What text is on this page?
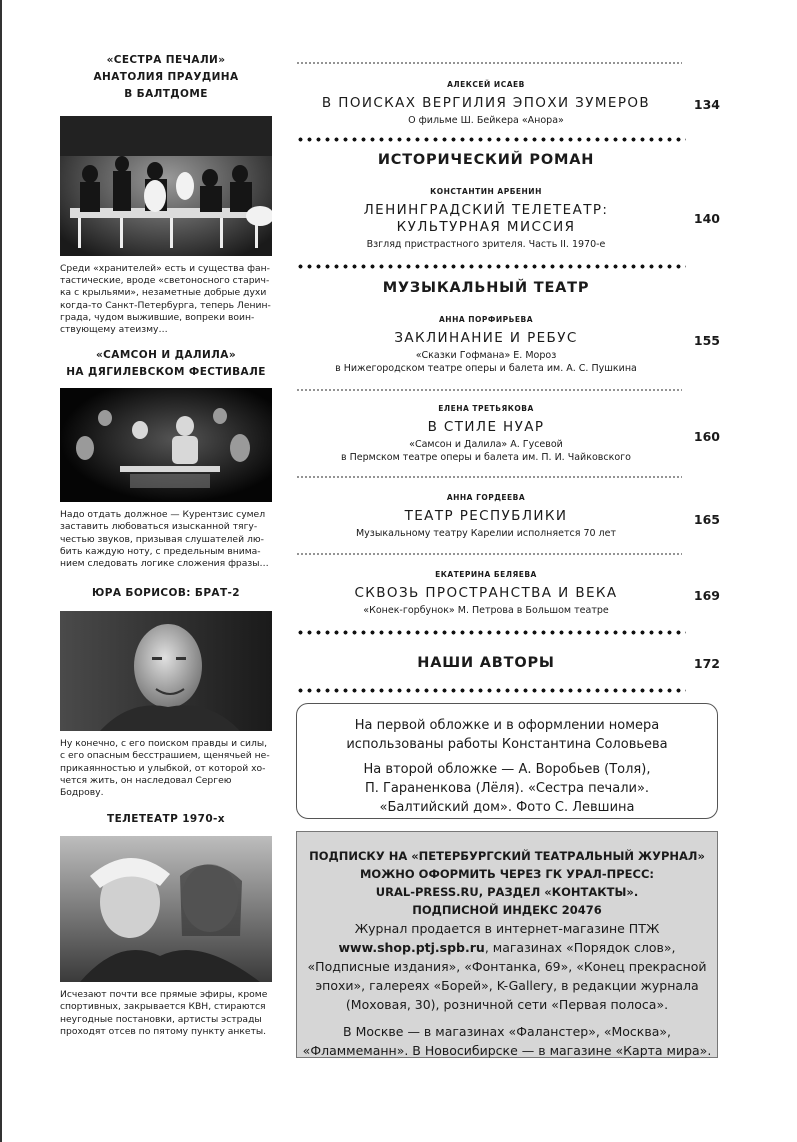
«СЕСТРА ПЕЧАЛИ»
АНАТОЛИЯ ПРАУДИНА
В БАЛТДОМЕ
Среди «хранителей» есть и существа фан-
тастические, вроде «светоносного старич-
ка с крыльями», незаметные добрые духи
когда-то Санкт-Петербурга, теперь Ленин-
града, чудом выжившие, вопреки воин-
ствующему атеизму…
«САМСОН И ДАЛИЛА»
НА ДЯГИЛЕВСКОМ ФЕСТИВАЛЕ
Надо отдать должное — Курентзис сумел
заставить любоваться изысканной тягу-
честью звуков, призывая слушателей лю-
бить каждую ноту, с предельным внима-
нием следовать логике сложения фразы…
ЮРА БОРИСОВ: БРАТ-2
Ну конечно, с его поиском правды и силы,
с его опасным бесстрашием, щенячьей не-
прикаянностью и улыбкой, от которой хо-
чется жить, он наследовал Сергею Бодрову.
ТЕЛЕТЕАТР 1970-х
Исчезают почти все прямые эфиры, кроме
спортивных, закрывается КВН, стираются
неугодные постановки, артисты эстрады
проходят отсев по пятому пункту анкеты.
АЛЕКСЕЙ ИСАЕВ
В ПОИСКАХ ВЕРГИЛИЯ ЭПОХИ ЗУМЕРОВ
О фильме Ш. Бейкера «Анора»
134
ИСТОРИЧЕСКИЙ РОМАН
КОНСТАНТИН АРБЕНИН
ЛЕНИНГРАДСКИЙ ТЕЛЕТЕАТР:
КУЛЬТУРНАЯ МИССИЯ
Взгляд пристрастного зрителя. Часть II. 1970-е
140
МУЗЫКАЛЬНЫЙ ТЕАТР
АННА ПОРФИРЬЕВА
ЗАКЛИНАНИЕ И РЕБУС
«Сказки Гофмана» Е. Мороз
в Нижегородском театре оперы и балета им. А. С. Пушкина
155
ЕЛЕНА ТРЕТЬЯКОВА
В СТИЛЕ НУАР
«Самсон и Далила» А. Гусевой
в Пермском театре оперы и балета им. П. И. Чайковского
160
АННА ГОРДЕЕВА
ТЕАТР РЕСПУБЛИКИ
Музыкальному театру Карелии исполняется 70 лет
165
ЕКАТЕРИНА БЕЛЯЕВА
СКВОЗЬ ПРОСТРАНСТВА И ВЕКА
«Конек-горбунок» М. Петрова в Большом театре
169
НАШИ АВТОРЫ	172
На первой обложке и в оформлении номера
использованы работы Константина Соловьева
На второй обложке — А. Воробьев (Толя),
П. Гараненкова (Лёля). «Сестра печали».
«Балтийский дом». Фото С. Левшина
ПОДПИСКУ НА «ПЕТЕРБУРГСКИЙ ТЕАТРАЛЬНЫЙ ЖУРНАЛ»
МОЖНО ОФОРМИТЬ ЧЕРЕЗ ГК УРАЛ-ПРЕСС:
URAL-PRESS.RU, РАЗДЕЛ «КОНТАКТЫ».
ПОДПИСНОЙ ИНДЕКС 20476
Журнал продается в интернет-магазине ПТЖ
www.shop.ptj.spb.ru, магазинах «Порядок слов»,
«Подписные издания», «Фонтанка, 69», «Конец прекрасной
эпохи», галереях «Борей», K-Gallery, в редакции журнала
(Моховая, 30), розничной сети «Первая полоса».
В Москве — в магазинах «Фаланстер», «Москва»,
«Фламмеманн». В Новосибирске — в магазине «Карта мира».
